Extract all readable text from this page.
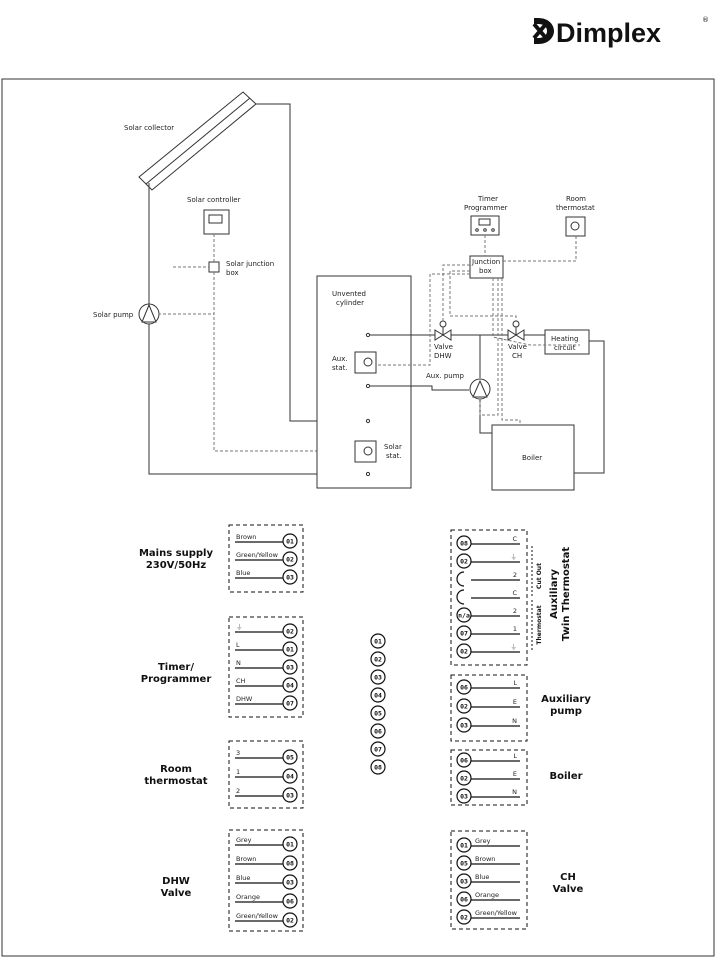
Dimplex	®
Solar collector
Solar controller
Solar junction
box
Solar pump
Unvented
cylinder
Aux.
stat.
Solar
stat.
Timer
Programmer
Room
thermostat
Junction
box
Valve
DHW
Valve
CH
Heating
circuit
Aux. pump
Boiler
Brown
01
Green/Yellow
02
Blue
03
Mains supply
230V/50Hz
⏚
02
L
01
N
03
CH
04
DHW
07
Timer/
Programmer
3
05
1
04
2
03
Room
thermostat
Grey
01
Brown
08
Blue
03
Orange
06
Green/Yellow
02
DHW
Valve
01
02
03
04
05
06
07
08
C
08
⏚
02
2
C
2
n/a
1
07
⏚
02
Cut Out
Thermostat
Auxiliary Twin Thermostat
L
06
E
02
N
03
Auxiliary
pump
L
06
E
02
N
03
Boiler
Grey
01
Brown
05
Blue
03
Orange
06
Green/Yellow
02
CH
Valve
